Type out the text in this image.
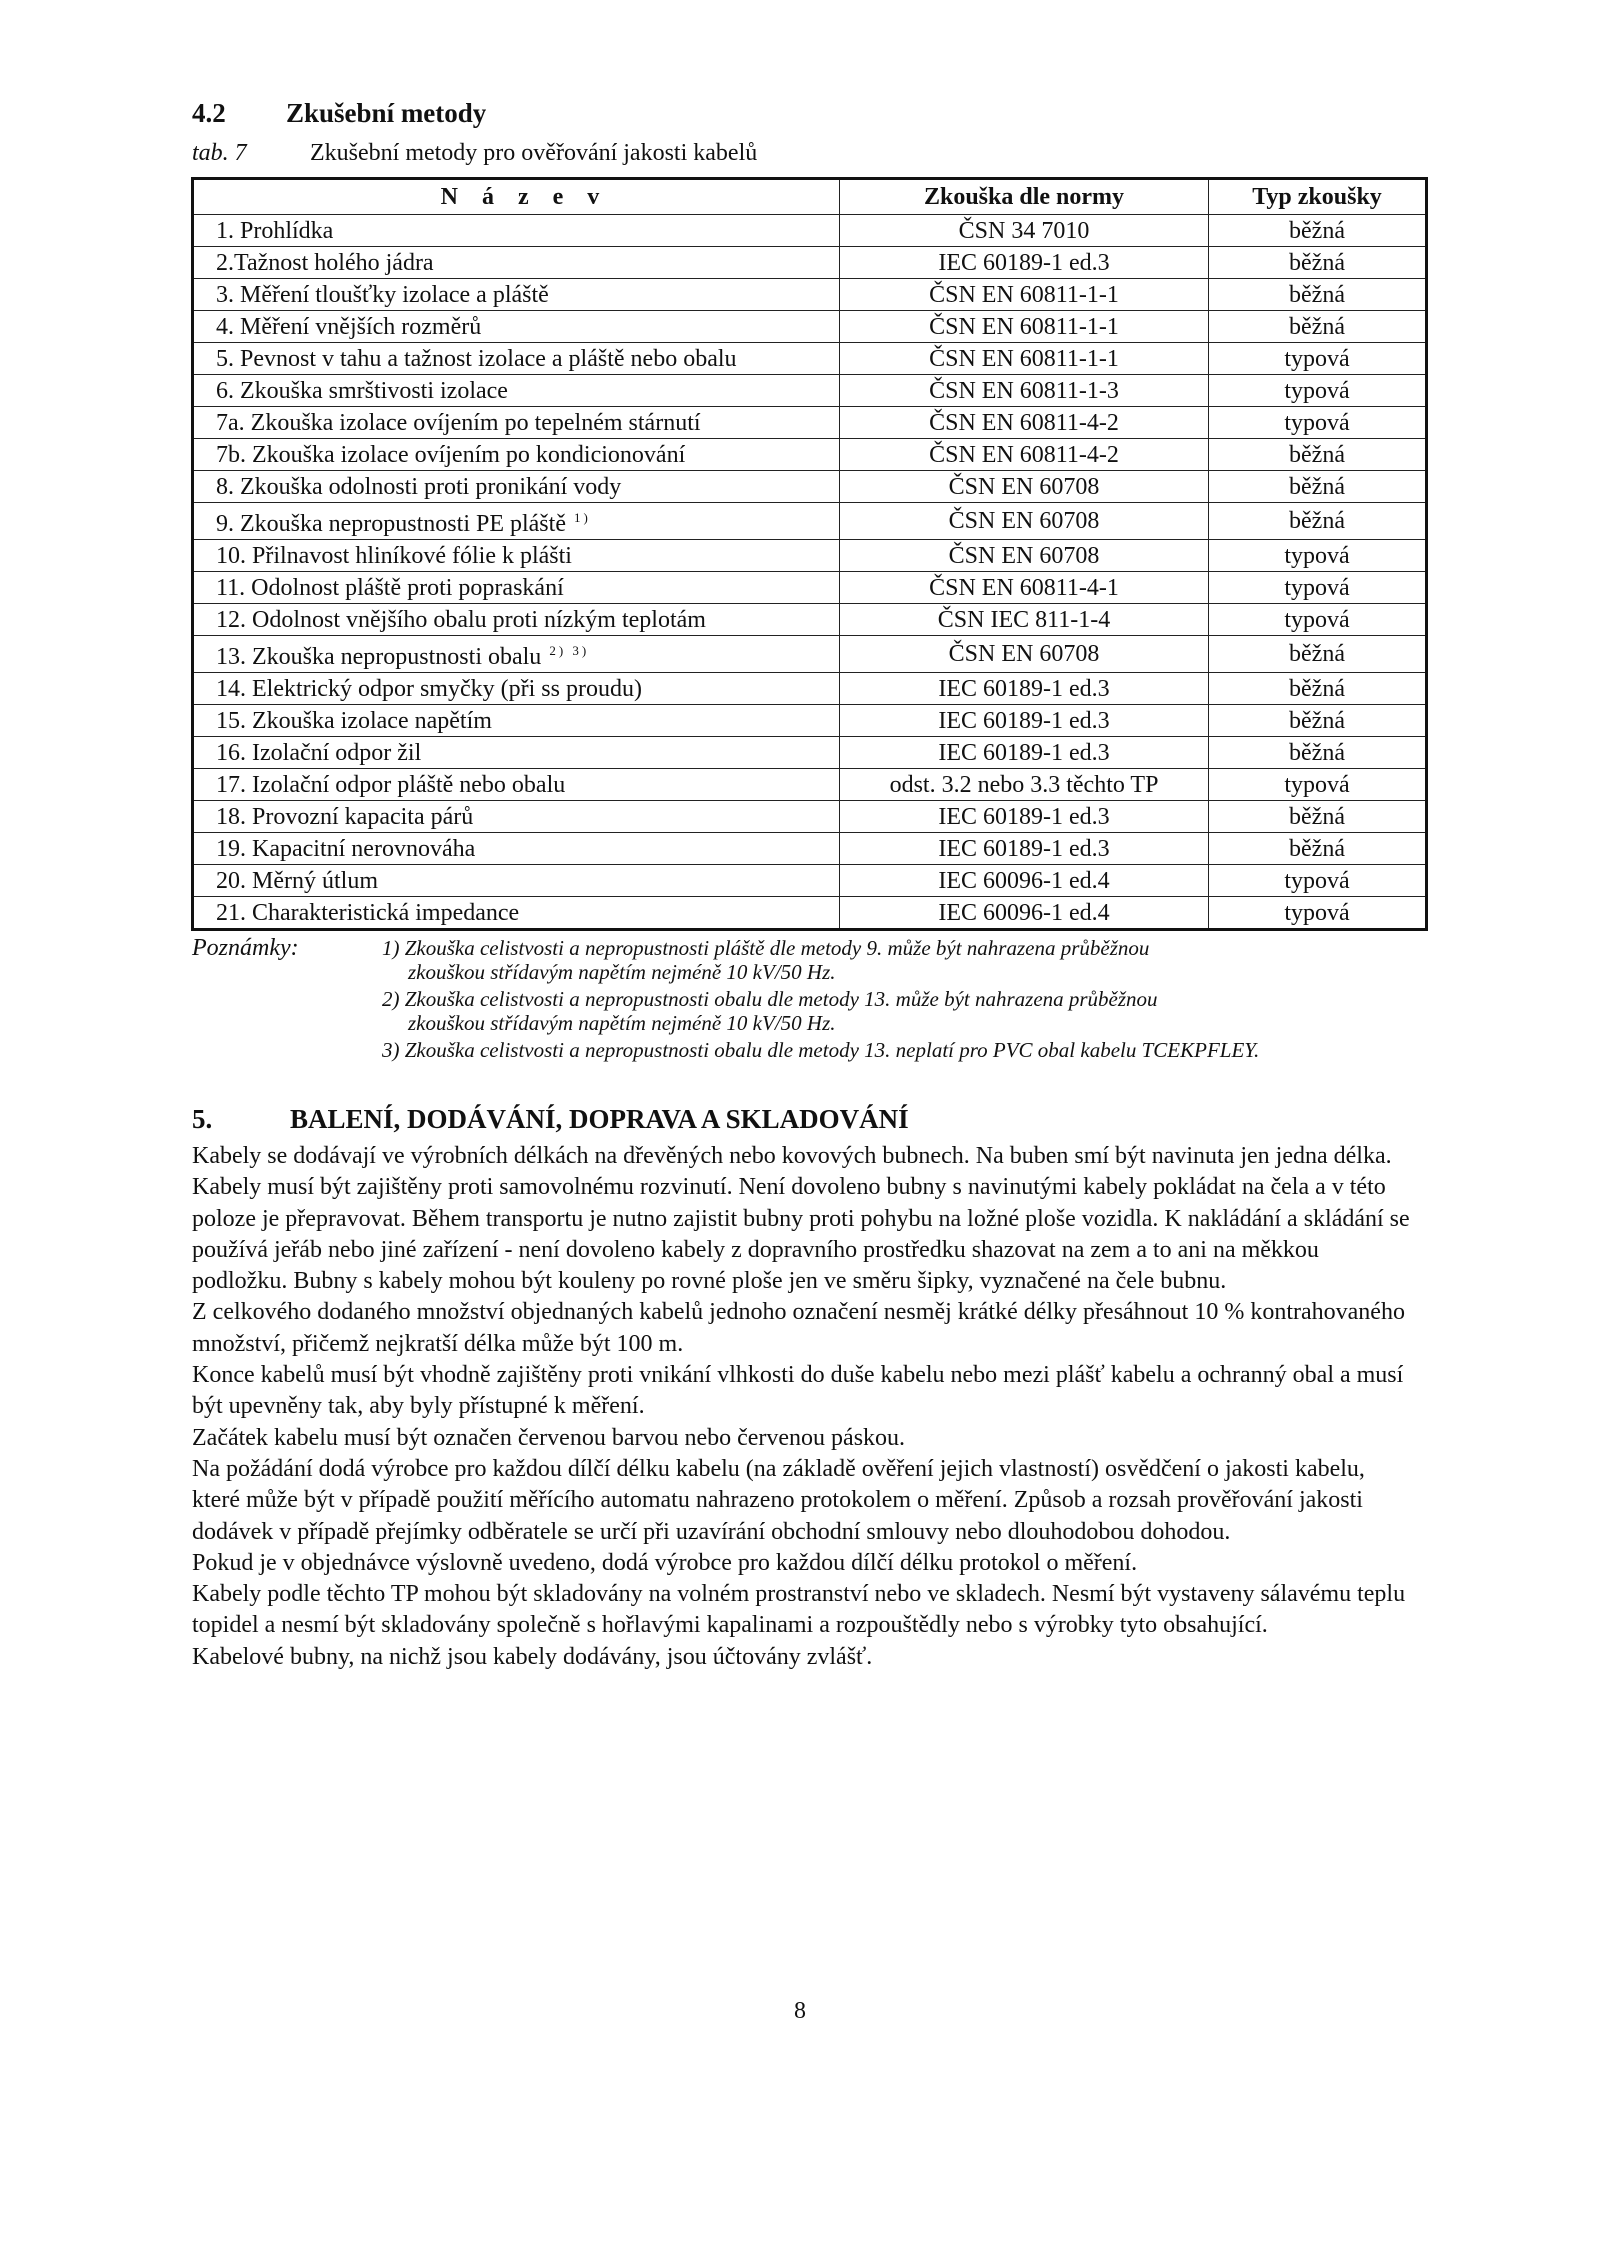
4.2 Zkušební metody
tab. 7	Zkušební metody pro ověřování jakosti kabelů
N á z e v	Zkouška dle normy	Typ zkoušky
1. Prohlídka	ČSN 34 7010	běžná
2.Tažnost holého jádra	IEC 60189-1 ed.3	běžná
3. Měření tloušťky izolace a pláště	ČSN EN 60811-1-1	běžná
4. Měření vnějších rozměrů	ČSN EN 60811-1-1	běžná
5. Pevnost v tahu a tažnost izolace a pláště nebo obalu	ČSN EN 60811-1-1	typová
6. Zkouška smrštivosti izolace	ČSN EN 60811-1-3	typová
7a. Zkouška izolace ovíjením po tepelném stárnutí	ČSN EN 60811-4-2	typová
7b. Zkouška izolace ovíjením po kondicionování	ČSN EN 60811-4-2	běžná
8. Zkouška odolnosti proti pronikání vody	ČSN EN 60708	běžná
9. Zkouška nepropustnosti PE pláště $^{1)}$	ČSN EN 60708	běžná
10. Přilnavost hliníkové fólie k plášti	ČSN EN 60708	typová
11. Odolnost pláště proti popraskání	ČSN EN 60811-4-1	typová
12. Odolnost vnějšího obalu proti nízkým teplotám	ČSN IEC 811-1-4	typová
13. Zkouška nepropustnosti obalu $^{2) 3)}$	ČSN EN 60708	běžná
14. Elektrický odpor smyčky (při ss proudu)	IEC 60189-1 ed.3	běžná
15. Zkouška izolace napětím	IEC 60189-1 ed.3	běžná
16. Izolační odpor žil	IEC 60189-1 ed.3	běžná
17. Izolační odpor pláště nebo obalu	odst. 3.2 nebo 3.3 těchto TP	typová
18. Provozní kapacita párů	IEC 60189-1 ed.3	běžná
19. Kapacitní nerovnováha	IEC 60189-1 ed.3	běžná
20. Měrný útlum	IEC 60096-1 ed.4	typová
21. Charakteristická impedance	IEC 60096-1 ed.4	typová
Poznámky:	1) Zkouška celistvosti a nepropustnosti pláště dle metody 9. může být nahrazena průběžnou
zkouškou střídavým napětím nejméně 10 kV/50 Hz.
2) Zkouška celistvosti a nepropustnosti obalu dle metody 13. může být nahrazena průběžnou
zkouškou střídavým napětím nejméně 10 kV/50 Hz.
3) Zkouška celistvosti a nepropustnosti obalu dle metody 13. neplatí pro PVC obal kabelu TCEKPFLEY.
5.	BALENÍ, DODÁVÁNÍ, DOPRAVA A SKLADOVÁNÍ

Kabely se dodávají ve výrobních délkách na dřevěných nebo kovových bubnech. Na buben smí být navinuta jen jedna délka. Kabely musí být zajištěny proti samovolnému rozvinutí. Není dovoleno bubny s navinutými kabely pokládat na čela a v této poloze je přepravovat. Během transportu je nutno zajistit bubny proti pohybu na ložné ploše vozidla. K nakládání a skládání se používá jeřáb nebo jiné zařízení - není dovoleno kabely z dopravního prostředku shazovat na zem a to ani na měkkou podložku. Bubny s kabely mohou být kouleny po rovné ploše jen ve směru šipky, vyznačené na čele bubnu.

Z celkového dodaného množství objednaných kabelů jednoho označení nesměj krátké délky přesáhnout 10 % kontrahovaného množství, přičemž nejkratší délka může být 100 m.

Konce kabelů musí být vhodně zajištěny proti vnikání vlhkosti do duše kabelu nebo mezi plášť kabelu a ochranný obal a musí být upevněny tak, aby byly přístupné k měření.

Začátek kabelu musí být označen červenou barvou nebo červenou páskou.

Na požádání dodá výrobce pro každou dílčí délku kabelu (na základě ověření jejich vlastností) osvědčení o jakosti kabelu, které může být v případě použití měřícího automatu nahrazeno protokolem o měření. Způsob a rozsah prověřování jakosti dodávek v případě přejímky odběratele se určí při uzavírání obchodní smlouvy nebo dlouhodobou dohodou.

Pokud je v objednávce výslovně uvedeno, dodá výrobce pro každou dílčí délku protokol o měření.

Kabely podle těchto TP mohou být skladovány na volném prostranství nebo ve skladech. Nesmí být vystaveny sálavému teplu topidel a nesmí být skladovány společně s hořlavými kapalinami a rozpouštědly nebo s výrobky tyto obsahující.

Kabelové bubny, na nichž jsou kabely dodávány, jsou účtovány zvlášť.

8
